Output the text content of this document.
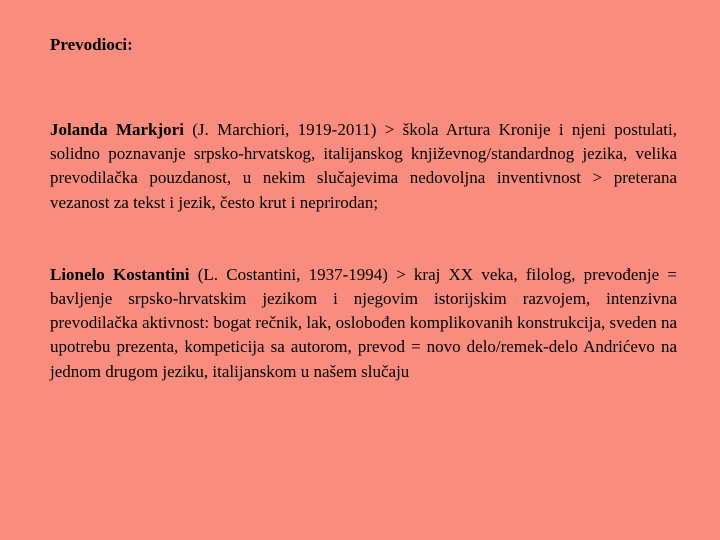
Prevodioci:

Jolanda Markjori (J. Marchiori, 1919-2011) > škola Artura Kronije i njeni postulati, solidno poznavanje srpsko-hrvatskog, italijanskog književnog/standardnog jezika, velika prevodilačka pouzdanost, u nekim slučajevima nedovoljna inventivnost > preterana vezanost za tekst i jezik, često krut i neprirodan;

Lionelo Kostantini (L. Costantini, 1937-1994) > kraj XX veka, filolog, prevođenje = bavljenje srpsko-hrvatskim jezikom i njegovim istorijskim razvojem, intenzivna prevodilačka aktivnost: bogat rečnik, lak, oslobođen komplikovanih konstrukcija, sveden na upotrebu prezenta, kompeticija sa autorom, prevod = novo delo/remek-delo Andrićevo na jednom drugom jeziku, italijanskom u našem slučaju
